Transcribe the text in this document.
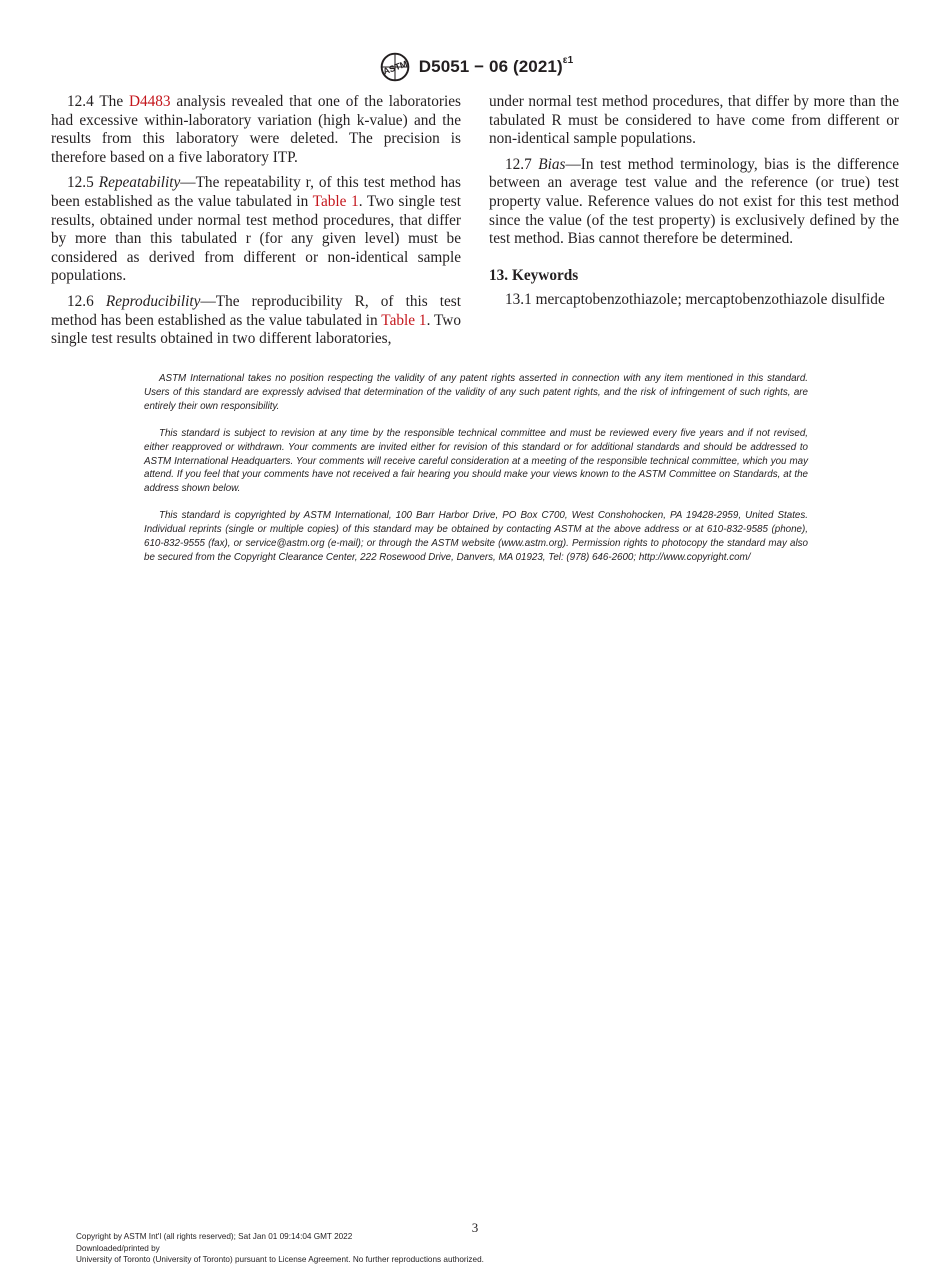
ASTM D5051 − 06 $(2021)^{\varepsilon 1}$

12.4 The D4483 analysis revealed that one of the laboratories had excessive within-laboratory variation (high k-value) and the results from this laboratory were deleted. The precision is therefore based on a five laboratory ITP.

12.5 Repeatability—The repeatability r, of this test method has been established as the value tabulated in Table 1. Two single test results, obtained under normal test method procedures, that differ by more than this tabulated r (for any given level) must be considered as derived from different or non-identical sample populations.

12.6 Reproducibility—The reproducibility R, of this test method has been established as the value tabulated in Table 1. Two single test results obtained in two different laboratories,

under normal test method procedures, that differ by more than the tabulated R must be considered to have come from different or non-identical sample populations.

12.7 Bias—In test method terminology, bias is the difference between an average test value and the reference (or true) test property value. Reference values do not exist for this test method since the value (of the test property) is exclusively defined by the test method. Bias cannot therefore be determined.

13. Keywords

13.1 mercaptobenzothiazole; mercaptobenzothiazole disulfide

ASTM International takes no position respecting the validity of any patent rights asserted in connection with any item mentioned in this standard. Users of this standard are expressly advised that determination of the validity of any such patent rights, and the risk of infringement of such rights, are entirely their own responsibility.

This standard is subject to revision at any time by the responsible technical committee and must be reviewed every five years and if not revised, either reapproved or withdrawn. Your comments are invited either for revision of this standard or for additional standards and should be addressed to ASTM International Headquarters. Your comments will receive careful consideration at a meeting of the responsible technical committee, which you may attend. If you feel that your comments have not received a fair hearing you should make your views known to the ASTM Committee on Standards, at the address shown below.

This standard is copyrighted by ASTM International, 100 Barr Harbor Drive, PO Box C700, West Conshohocken, PA 19428-2959, United States. Individual reprints (single or multiple copies) of this standard may be obtained by contacting ASTM at the above address or at 610-832-9585 (phone), 610-832-9555 (fax), or service@astm.org (e-mail); or through the ASTM website (www.astm.org). Permission rights to photocopy the standard may also be secured from the Copyright Clearance Center, 222 Rosewood Drive, Danvers, MA 01923, Tel: (978) 646-2600; http://www.copyright.com/

3
Copyright by ASTM Int'l (all rights reserved); Sat Jan 01 09:14:04 GMT 2022
Downloaded/printed by
University of Toronto (University of Toronto) pursuant to License Agreement. No further reproductions authorized.
